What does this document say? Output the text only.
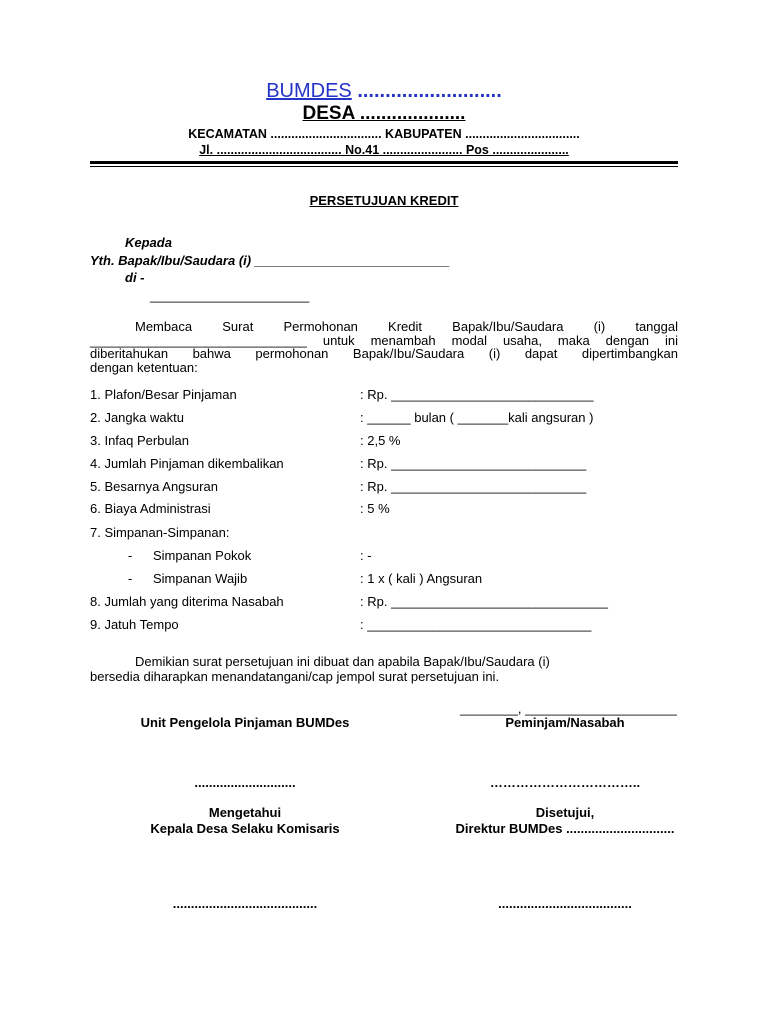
BUMDES ..........................
DESA ....................
KECAMATAN ................................ KABUPATEN .................................
Jl. .................................... No.41 ....................... Pos ......................
PERSETUJUAN KREDIT
Kepada
Yth. Bapak/Ibu/Saudara (i) ___________________________
di -
______________________
Membaca Surat Permohonan Kredit Bapak/Ibu/Saudara (i) tanggal
______________________________ untuk menambah modal usaha, maka dengan ini
diberitahukan bahwa permohonan Bapak/Ibu/Saudara (i) dapat dipertimbangkan
dengan ketentuan:
1. Plafon/Besar Pinjaman	: Rp. ____________________________
2. Jangka waktu	: ______ bulan ( _______kali angsuran )
3. Infaq Perbulan	: 2,5 %
4. Jumlah Pinjaman dikembalikan	: Rp. ___________________________
5. Besarnya Angsuran	: Rp. ___________________________
6. Biaya Administrasi	: 5 %
7. Simpanan-Simpanan:
- Simpanan Pokok	: -
- Simpanan Wajib	: 1 x ( kali ) Angsuran
8. Jumlah yang diterima Nasabah	: Rp. ______________________________
9. Jatuh Tempo	: _______________________________
Demikian surat persetujuan ini dibuat dan apabila Bapak/Ibu/Saudara (i)
bersedia diharapkan menandatangani/cap jempol surat persetujuan ini.
________, _____________________
Unit Pengelola Pinjaman BUMDes	Peminjam/Nasabah
............................	……………………………..
Mengetahui
Kepala Desa Selaku Komisaris
Disetujui,
Direktur BUMDes ..............................
........................................	.....................................
